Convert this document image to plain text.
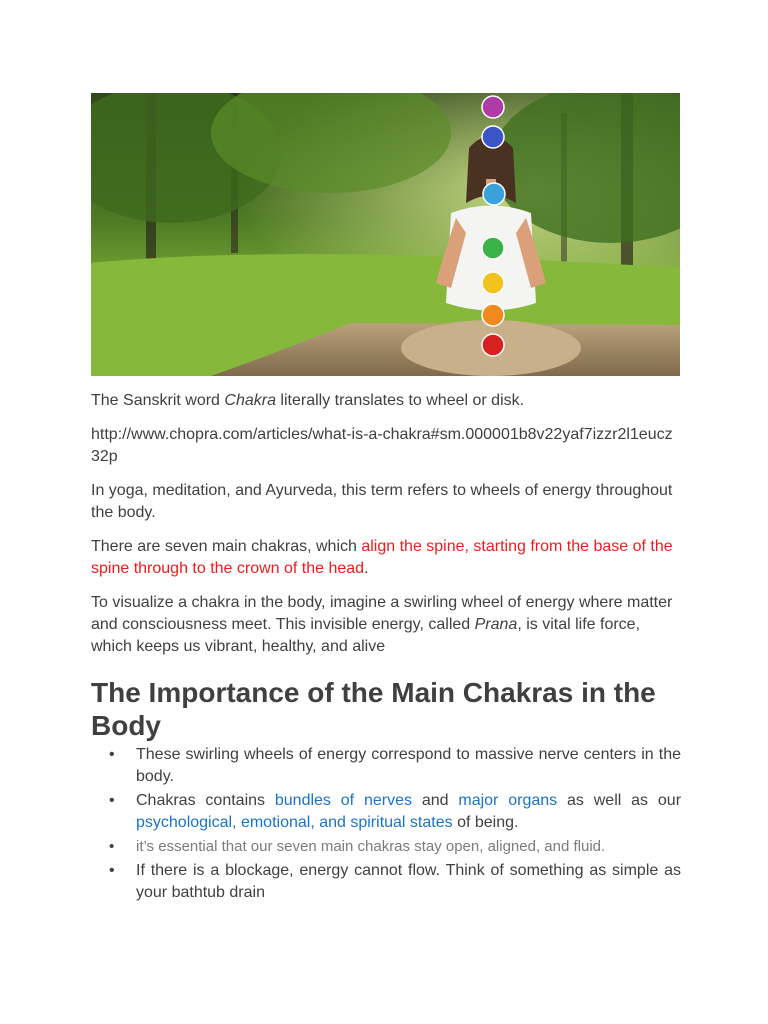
The Sanskrit word Chakra literally translates to wheel or disk.

http://www.chopra.com/articles/what-is-a-chakra#sm.000001b8v22yaf7izzr2l1eucz32p

In yoga, meditation, and Ayurveda, this term refers to wheels of energy throughout the body.

There are seven main chakras, which align the spine, starting from the base of the spine through to the crown of the head.

To visualize a chakra in the body, imagine a swirling wheel of energy where matter and consciousness meet. This invisible energy, called Prana, is vital life force, which keeps us vibrant, healthy, and alive

The Importance of the Main Chakras in the Body
• These swirling wheels of energy correspond to massive nerve centers in the body.
• Chakras contains bundles of nerves and major organs as well as our psychological, emotional, and spiritual states of being.
• it’s essential that our seven main chakras stay open, aligned, and fluid.
• If there is a blockage, energy cannot flow. Think of something as simple as your bathtub drain
